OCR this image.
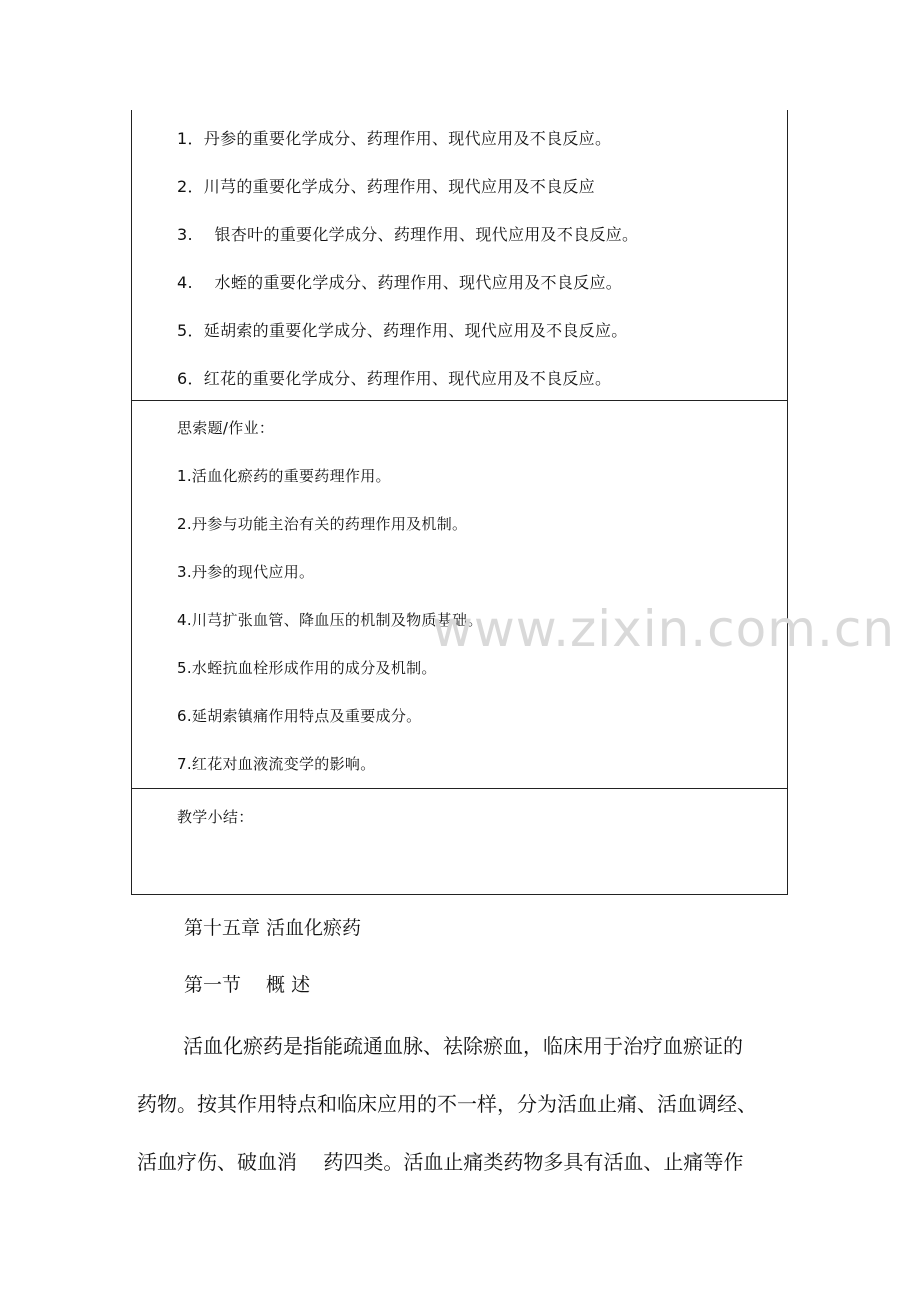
1．丹参的重要化学成分、药理作用、现代应用及不良反应。
2．川芎的重要化学成分、药理作用、现代应用及不良反应
3.　 银杏叶的重要化学成分、药理作用、现代应用及不良反应。
4.　 水蛭的重要化学成分、药理作用、现代应用及不良反应。
5．延胡索的重要化学成分、药理作用、现代应用及不良反应。
6．红花的重要化学成分、药理作用、现代应用及不良反应。
思索题/作业：
1.活血化瘀药的重要药理作用。
2.丹参与功能主治有关的药理作用及机制。
3.丹参的现代应用。
4.川芎扩张血管、降血压的机制及物质基础。
5.水蛭抗血栓形成作用的成分及机制。
6.延胡索镇痛作用特点及重要成分。
7.红花对血液流变学的影响。
教学小结：
www.zixin.com.cn
第十五章 活血化瘀药
第一节　 概 述
活血化瘀药是指能疏通血脉、祛除瘀血，临床用于治疗血瘀证的
药物。按其作用特点和临床应用的不一样，分为活血止痛、活血调经、
活血疗伤、破血消　 药四类。活血止痛类药物多具有活血、止痛等作
